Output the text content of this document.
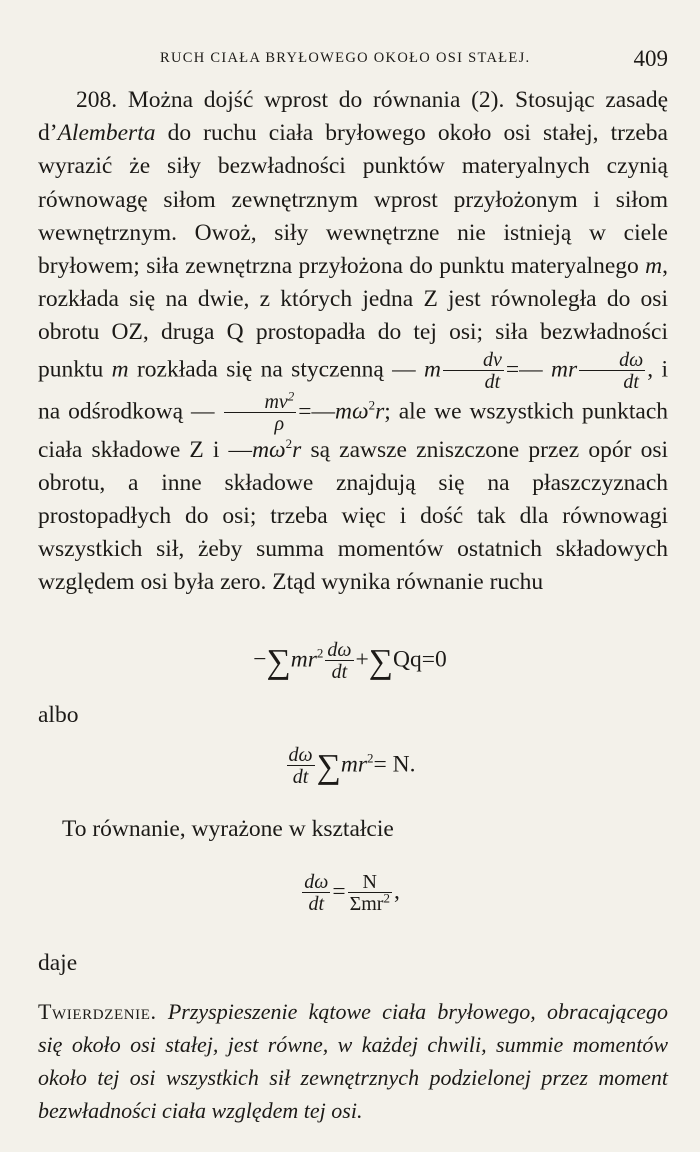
RUCH CIAŁA BRYŁOWEGO OKOŁO OSI STAŁEJ.	409

208. Można dojść wprost do równania (2). Stosując zasadę d’Alemberta do ruchu ciała bryłowego około osi stałej, trzeba wyrazić że siły bezwładności punktów materyalnych czynią równowagę siłom zewnętrznym wprost przyłożonym i siłom wewnętrznym. Owoż, siły wewnętrzne nie istnieją w ciele bryłowem; siła zewnętrzna przyłożona do punktu materyalnego m, rozkłada się na dwie, z których jedna Z jest równoległa do osi obrotu OZ, druga Q prostopadła do tej osi; siła bezwładności punktu m rozkłada się na styczenną — m $\frac{dv}{dt}$ =— mr $\frac{d\omega}{dt}$ , i na odśrodkową — $\frac{mv^2}{\rho}$ $=—m\omega^2r$; ale we wszystkich punktach ciała składowe Z i $—m\omega^2r$ są zawsze zniszczone przez opór osi obrotu, a inne składowe znajdują się na płaszczyznach prostopadłych do osi; trzeba więc i dość tak dla równowagi wszystkich sił, żeby summa momentów ostatnich składowych względem osi była zero. Ztąd wynika równanie ruchu

$-\sum mr^2 \frac{d\omega}{dt} +\sum Qq=0$
albo
$\frac{d\omega}{dt} \sum mr^2= N$.
To równanie, wyrażone w kształcie
$\frac{d\omega}{dt} = \frac{N}{\Sigma mr^2}$ ,
daje
Twierdzenie. Przyspieszenie kątowe ciała bryłowego, obracającego się około osi stałej, jest równe, w każdej chwili, summie momentów około tej osi wszystkich sił zewnętrznych podzielonej przez moment bezwładności ciała względem tej osi.
